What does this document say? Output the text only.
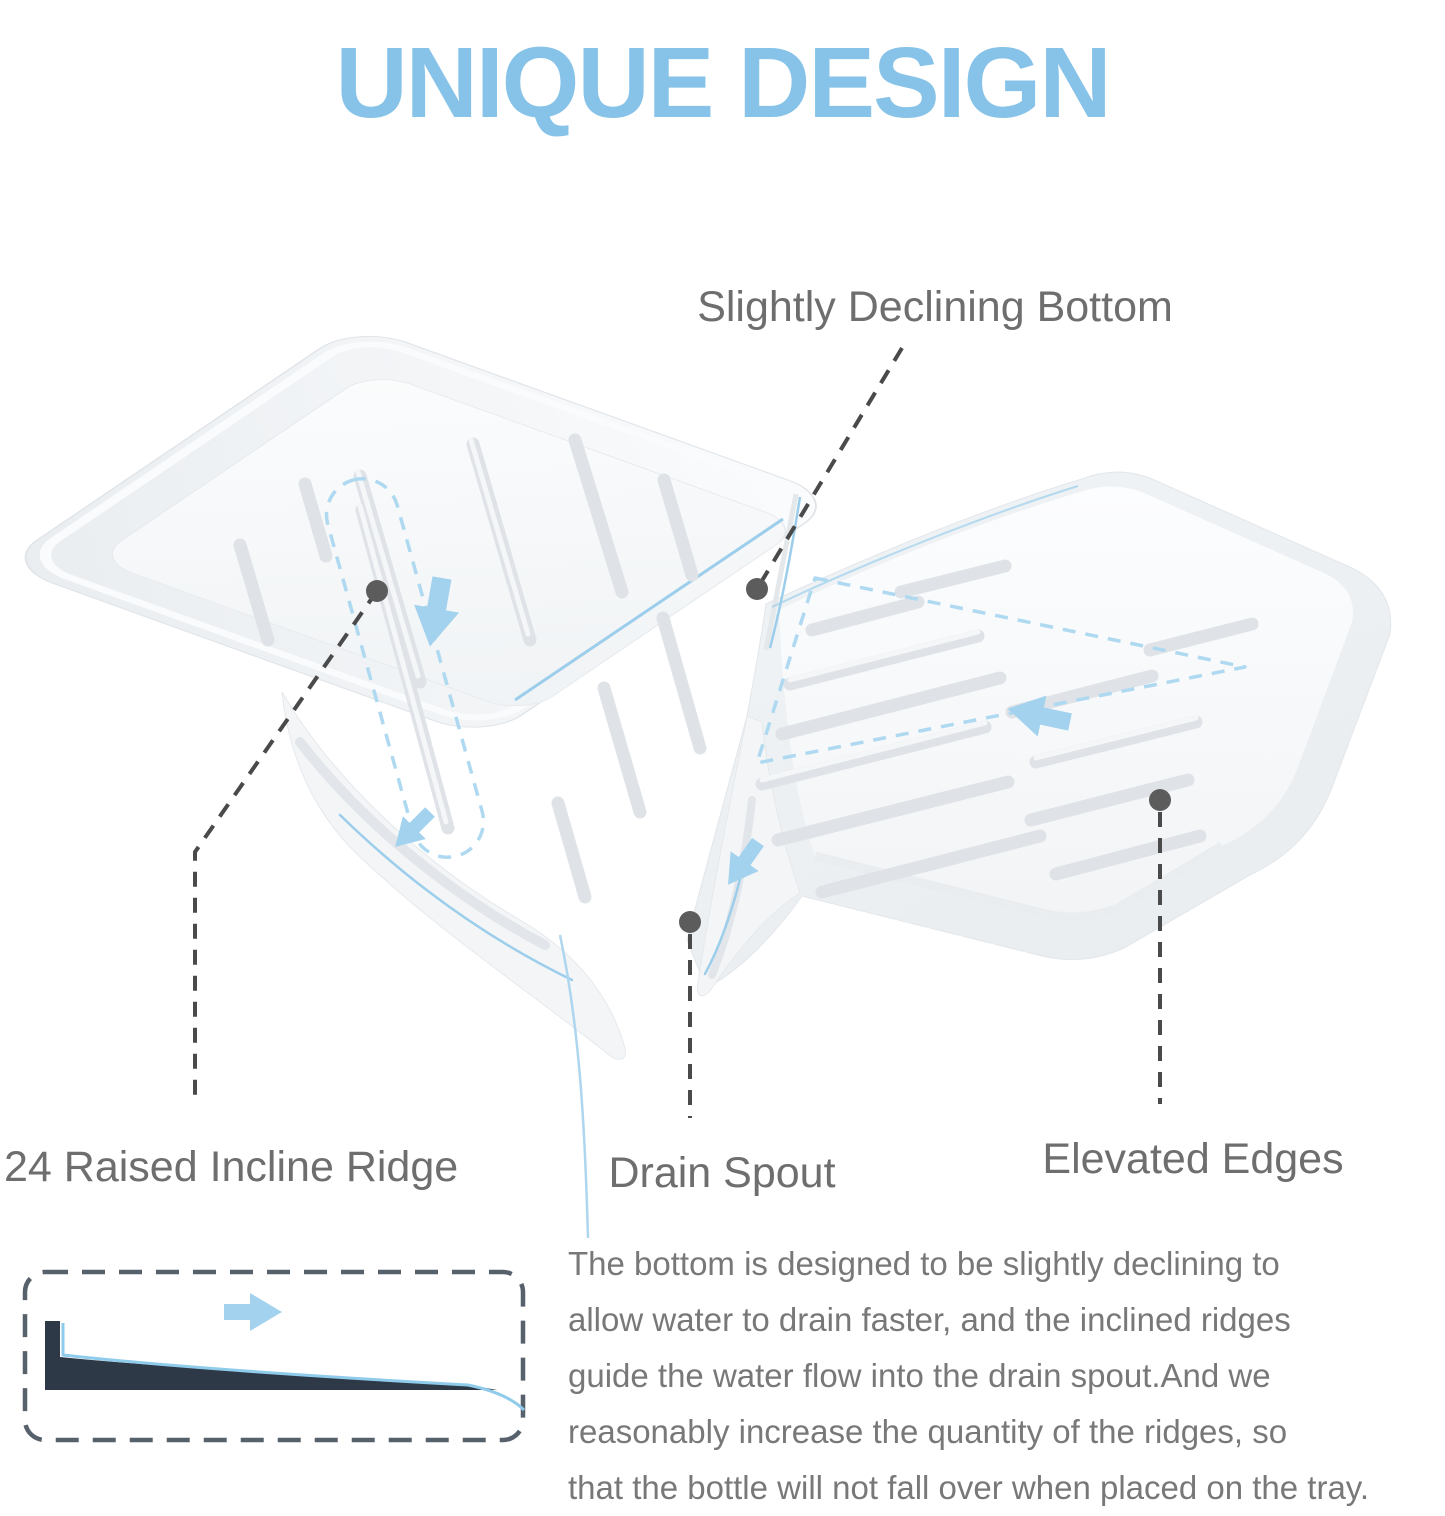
UNIQUE DESIGN
Slightly Declining Bottom
24 Raised Incline Ridge	Drain Spout	Elevated Edges
The bottom is designed to be slightly declining to
allow water to drain faster, and the inclined ridges
guide the water flow into the drain spout.And we
reasonably increase the quantity of the ridges, so
that the bottle will not fall over when placed on the tray.
